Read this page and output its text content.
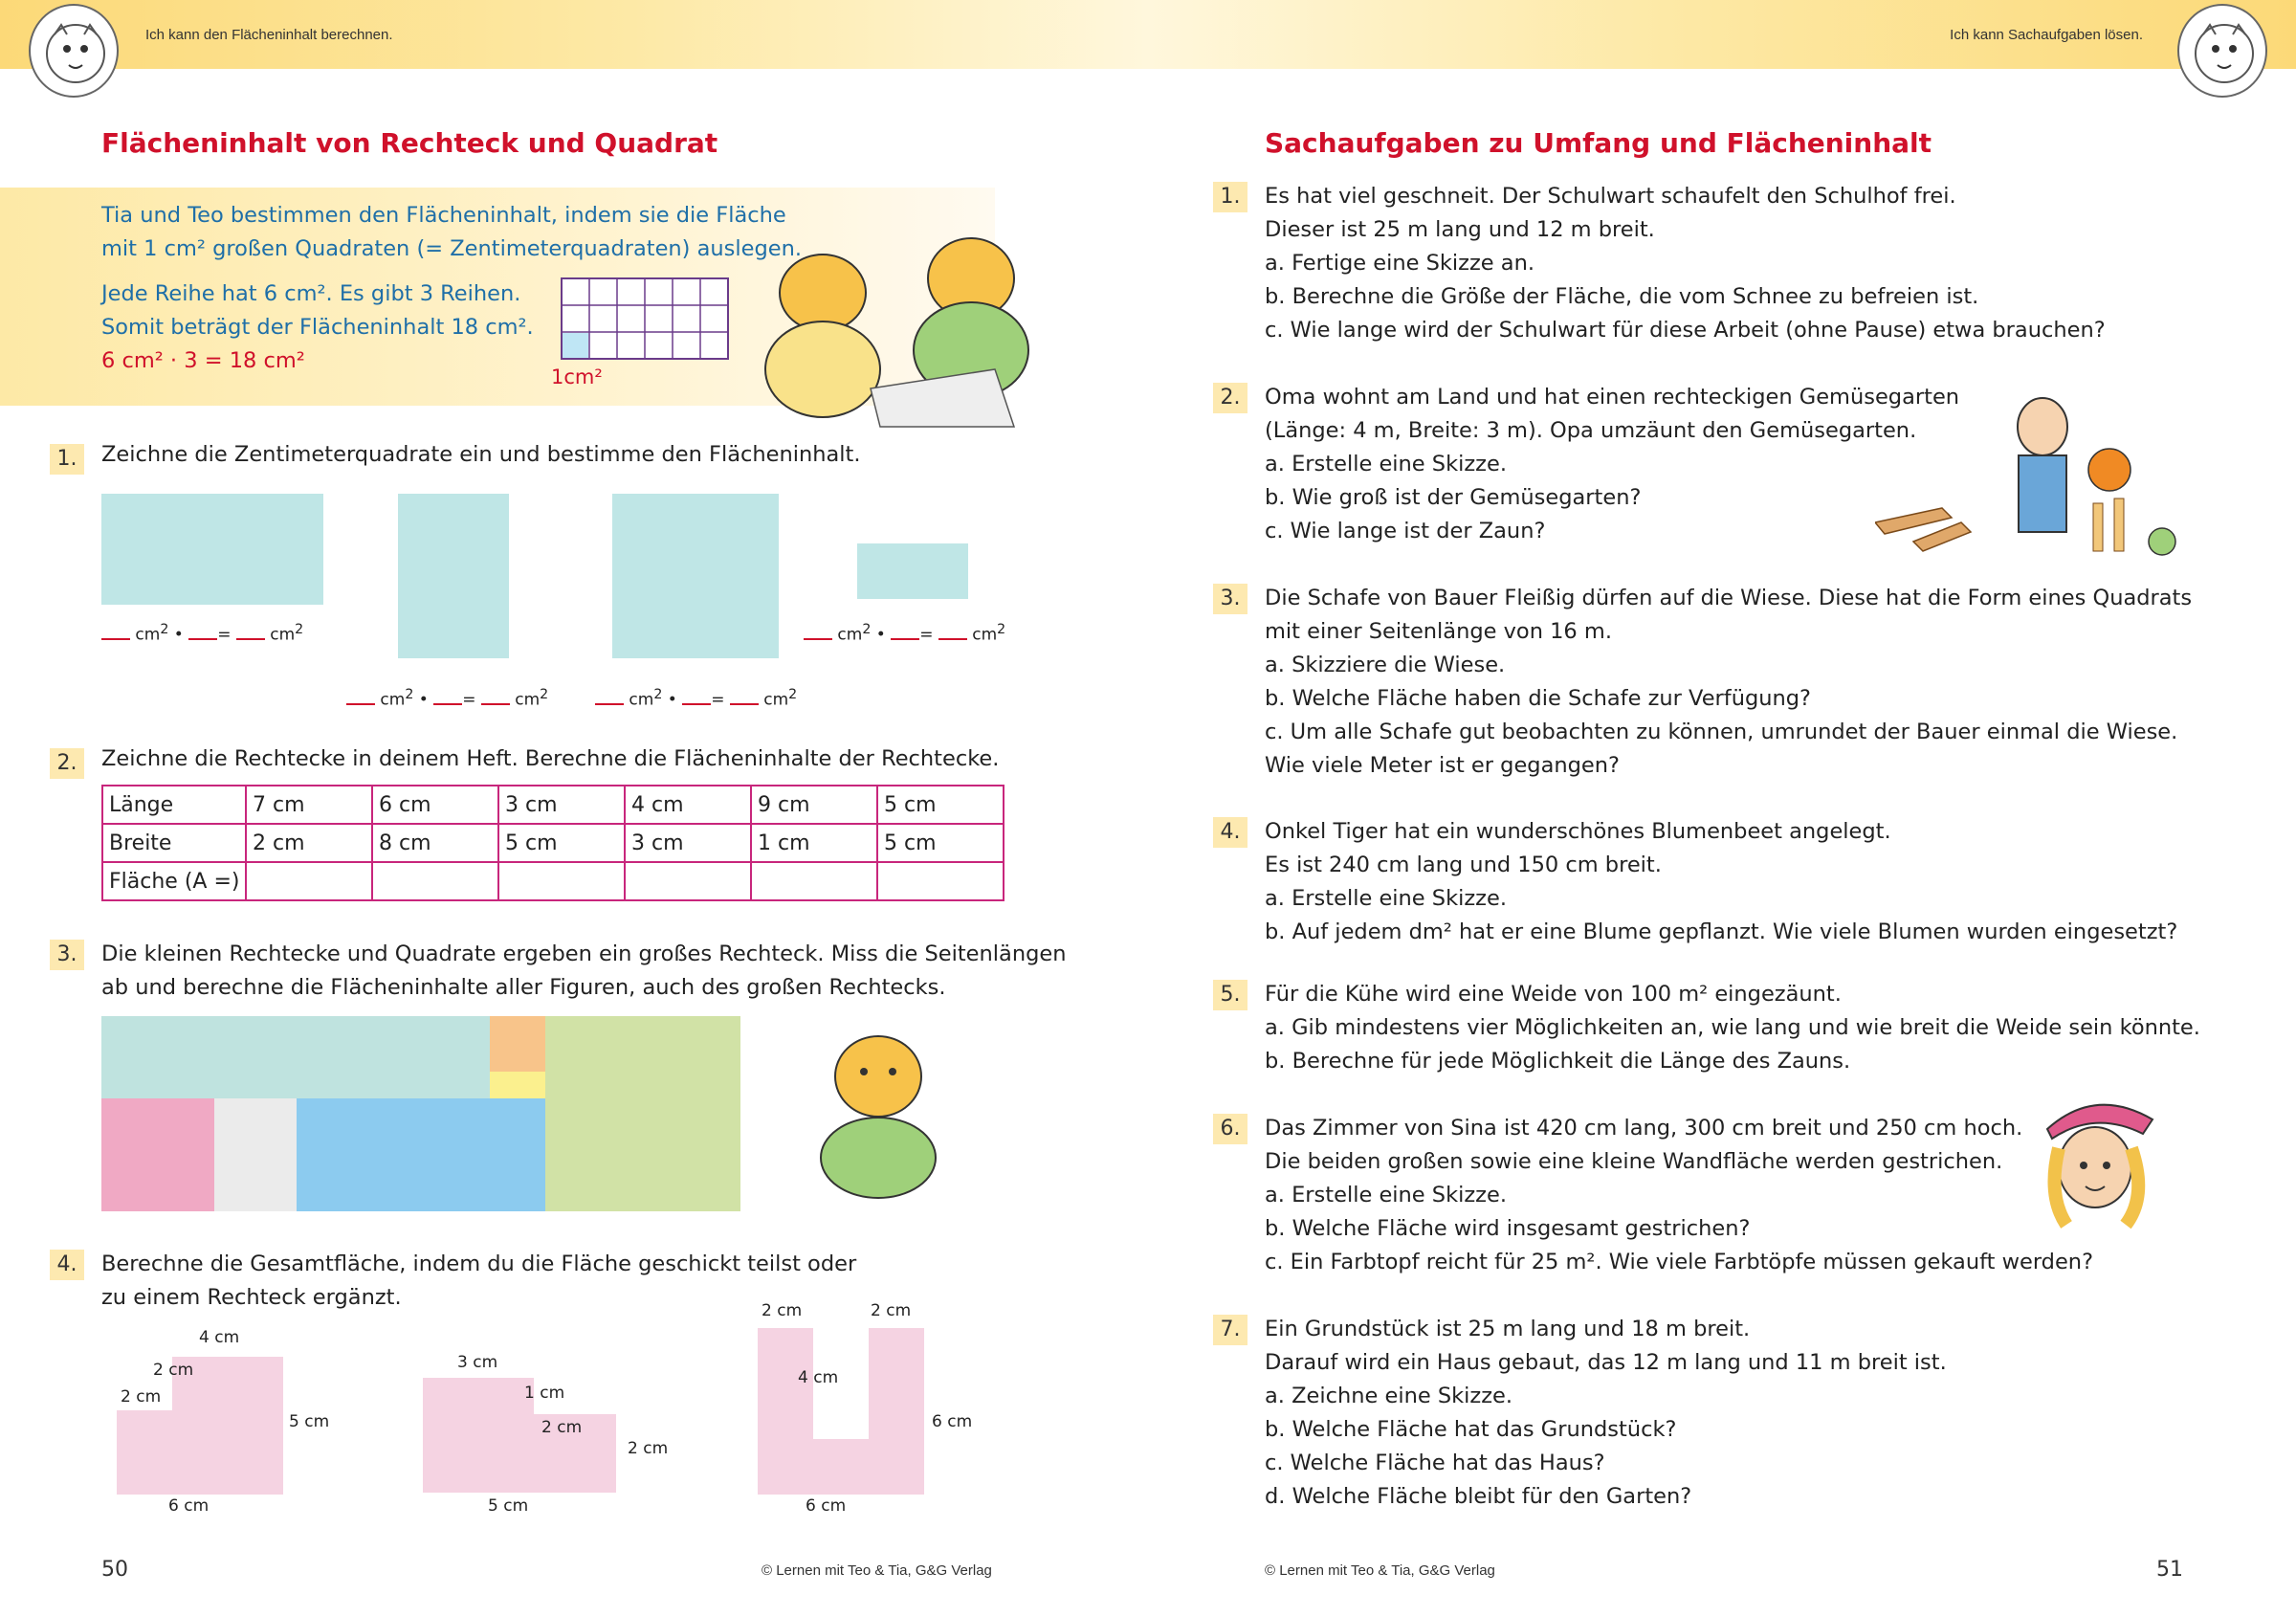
Ich kann den Flächeninhalt berechnen.
Flächeninhalt von Rechteck und Quadrat
Tia und Teo bestimmen den Flächeninhalt, indem sie die Fläche
mit 1 cm² großen Quadraten (= Zentimeterquadraten) auslegen.
Jede Reihe hat 6 cm². Es gibt 3 Reihen.
Somit beträgt der Flächeninhalt 18 cm².
6 cm² · 3 = 18 cm²
1cm²
1.	Zeichne die Zentimeterquadrate ein und bestimme den Flächeninhalt.
$cm^2$ • = $cm^2$
$cm^2$ • = $cm^2$	$cm^2$ • = $cm^2$
$cm^2$ • = $cm^2$
2.	Zeichne die Rechtecke in deinem Heft. Berechne die Flächeninhalte der Rechtecke.
Länge	7 cm	6 cm	3 cm	4 cm	9 cm	5 cm
Breite	2 cm	8 cm	5 cm	3 cm	1 cm	5 cm
Fläche (A =)						
3.	Die kleinen Rechtecke und Quadrate ergeben ein großes Rechteck. Miss die Seitenlängen
ab und berechne die Flächeninhalte aller Figuren, auch des großen Rechtecks.
4.	Berechne die Gesamtfläche, indem du die Fläche geschickt teilst oder
zu einem Rechteck ergänzt.
4 cm
2 cm
2 cm
5 cm
6 cm
3 cm
1 cm
2 cm
2 cm
5 cm
2 cm	2 cm
4 cm
6 cm
6 cm
50	© Lernen mit Teo & Tia, G&G Verlag
Ich kann Sachaufgaben lösen.
Sachaufgaben zu Umfang und Flächeninhalt
1.	Es hat viel geschneit. Der Schulwart schaufelt den Schulhof frei.
Dieser ist 25 m lang und 12 m breit.
a. Fertige eine Skizze an.
b. Berechne die Größe der Fläche, die vom Schnee zu befreien ist.
c. Wie lange wird der Schulwart für diese Arbeit (ohne Pause) etwa brauchen?
2.	Oma wohnt am Land und hat einen rechteckigen Gemüsegarten
(Länge: 4 m, Breite: 3 m). Opa umzäunt den Gemüsegarten.
a. Erstelle eine Skizze.
b. Wie groß ist der Gemüsegarten?
c. Wie lange ist der Zaun?
3.	Die Schafe von Bauer Fleißig dürfen auf die Wiese. Diese hat die Form eines Quadrats
mit einer Seitenlänge von 16 m.
a. Skizziere die Wiese.
b. Welche Fläche haben die Schafe zur Verfügung?
c. Um alle Schafe gut beobachten zu können, umrundet der Bauer einmal die Wiese.
Wie viele Meter ist er gegangen?
4.	Onkel Tiger hat ein wunderschönes Blumenbeet angelegt.
Es ist 240 cm lang und 150 cm breit.
a. Erstelle eine Skizze.
b. Auf jedem dm² hat er eine Blume gepflanzt. Wie viele Blumen wurden eingesetzt?
5.	Für die Kühe wird eine Weide von 100 m² eingezäunt.
a. Gib mindestens vier Möglichkeiten an, wie lang und wie breit die Weide sein könnte.
b. Berechne für jede Möglichkeit die Länge des Zauns.
6.	Das Zimmer von Sina ist 420 cm lang, 300 cm breit und 250 cm hoch.
Die beiden großen sowie eine kleine Wandfläche werden gestrichen.
a. Erstelle eine Skizze.
b. Welche Fläche wird insgesamt gestrichen?
c. Ein Farbtopf reicht für 25 m². Wie viele Farbtöpfe müssen gekauft werden?
7.	Ein Grundstück ist 25 m lang und 18 m breit.
Darauf wird ein Haus gebaut, das 12 m lang und 11 m breit ist.
a. Zeichne eine Skizze.
b. Welche Fläche hat das Grundstück?
c. Welche Fläche hat das Haus?
d. Welche Fläche bleibt für den Garten?
© Lernen mit Teo & Tia, G&G Verlag	51
